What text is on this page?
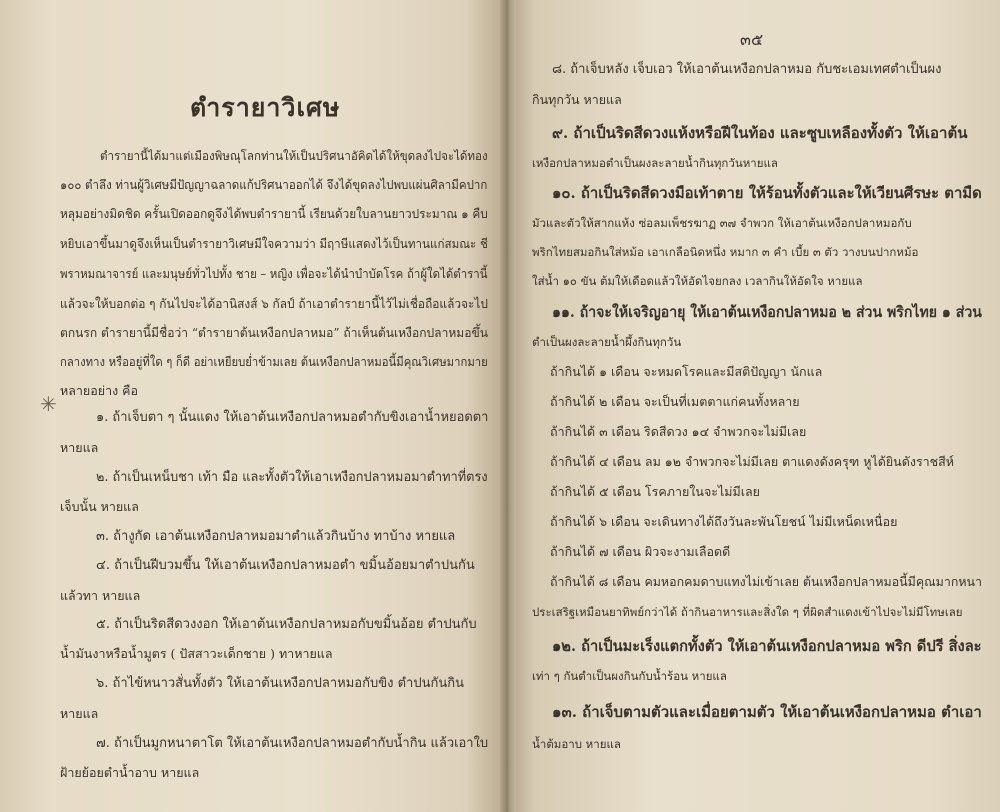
ตำรายาวิเศษ
ตำรายานี้ได้มาแต่เมืองพิษณุโลกท่านให้เป็นปริศนาอัคิดได้ให้ขุดลงไปจะได้ทอง
๑๐๐ ตำลึง ท่านผู้วิเศษมีปัญญาฉลาดแก้ปริศนาออกได้ จึงได้ขุดลงไปพบแผ่นศิลามีคปาก
หลุมอย่างมิดชิด ครั้นเปิดออกดูจึงได้พบตำรายานี้ เรียนด้วยใบลานยาวประมาณ ๑ คืบ
หยิบเอาขึ้นมาดูจึงเห็นเป็นตำรายาวิเศษมีใจความว่า มีฤาษีแสดงไว้เป็นทานแก่สมณะ ชี
พราหมณาจารย์ และมนุษย์ทั่วไปทั้ง ชาย – หญิง เพื่อจะได้นำบำบัดโรค ถ้าผู้ใดได้ตำรานี้
แล้วจะให้บอกต่อ ๆ กันไปจะได้อานิสงส์ ๖ กัลป์ ถ้าเอาตำรายานี้ไว้ไม่เชื่อถือแล้วจะไป
ตกนรก ตำรายานี้มีชื่อว่า “ตำรายาต้นเหงือกปลาหมอ” ถ้าเห็นต้นเหงือกปลาหมอขึ้น
กลางทาง หรืออยู่ที่ใด ๆ ก็ดี อย่าเหยียบย่ำข้ามเลย ต้นเหงือกปลาหมอนี้มีคุณวิเศษมากมาย
หลายอย่าง คือ
✳
๑. ถ้าเจ็บตา ๆ นั้นแดง ให้เอาต้นเหงือกปลาหมอตำกับขิงเอาน้ำหยอดตา
หายแล
๒. ถ้าเป็นเหน็บชา เท้า มือ และทั้งตัวให้เอาเหงือกปลาหมอมาตำทาที่ตรง
เจ็บนั้น หายแล
๓. ถ้างูกัด เอาต้นเหงือกปลาหมอมาตำแล้วกินบ้าง ทาบ้าง หายแล
๔. ถ้าเป็นฝีบวมขึ้น ให้เอาต้นเหงือกปลาหมอตำ ขมิ้นอ้อยมาตำปนกัน
แล้วทา หายแล
๕. ถ้าเป็นริดสีดวงงอก ให้เอาต้นเหงือกปลาหมอกับขมิ้นอ้อย ตำปนกับ
น้ำมันงาหรือน้ำมูตร ( ปัสสาวะเด็กชาย ) ทาหายแล
๖. ถ้าไข้หนาวสั่นทั้งตัว ให้เอาต้นเหงือกปลาหมอกับขิง ตำปนกันกิน
หายแล
๗. ถ้าเป็นมูกหนาตาโต ให้เอาต้นเหงือกปลาหมอตำกับน้ำกิน แล้วเอาใบ
ฝ้ายย้อยตำน้ำอาบ หายแล
๓๕
๘. ถ้าเจ็บหลัง เจ็บเอว ให้เอาต้นเหงือกปลาหมอ กับชะเอมเทศตำเป็นผง
กินทุกวัน หายแล
๙. ถ้าเป็นริดสีดวงแห้งหรือฝีในท้อง และซูบเหลืองทั้งตัว ให้เอาต้น
เหงือกปลาหมอตำเป็นผงละลายน้ำกินทุกวันหายแล
๑๐. ถ้าเป็นริดสีดวงมือเท้าตาย ให้ร้อนทั้งตัวและให้เวียนศีรษะ ตามืด
มัวและตัวให้สากแห้ง ซ่อลมเพ็ชรฆาฏ ๓๗ จำพวก ให้เอาต้นเหงือกปลาหมอกับ
พริกไทยสมอกินใส่หม้อ เอาเกลือนิดหนึ่ง หมาก ๓ คำ เบี้ย ๓ ตัว วางบนปากหม้อ
ใส่น้ำ ๑๐ ขัน ต้มให้เดือดแล้วให้อัดไจยกลง เวลากินให้อัดใจ หายแล
๑๑. ถ้าจะให้เจริญอายุ ให้เอาต้นเหงือกปลาหมอ ๒ ส่วน พริกไทย ๑ ส่วน
ตำเป็นผงละลายน้ำผึ้งกินทุกวัน
ถ้ากินได้ ๑ เดือน จะหมดโรคและมีสติปัญญา นักแล
ถ้ากินได้ ๒ เดือน จะเป็นที่เมตตาแก่คนทั้งหลาย
ถ้ากินได้ ๓ เดือน ริดสีดวง ๑๔ จำพวกจะไม่มีเลย
ถ้ากินได้ ๔ เดือน ลม ๑๒ จำพวกจะไม่มีเลย ตาแดงดังครุฑ หูได้ยินดังราชสีห์
ถ้ากินได้ ๕ เดือน โรคภายในจะไม่มีเลย
ถ้ากินได้ ๖ เดือน จะเดินทางได้ถึงวันละพันโยชน์ ไม่มีเหน็ดเหนื่อย
ถ้ากินได้ ๗ เดือน ผิวจะงามเลือดดี
ถ้ากินได้ ๘ เดือน คมหอกคมดาบแทงไม่เข้าเลย ต้นเหงือกปลาหมอนี้มีคุณมากหนา
ประเสริฐเหมือนยาทิพย์กว่าได้ ถ้ากินอาหารและสิ่งใด ๆ ที่ผิดสำแดงเข้าไปจะไม่มีโทษเลย
๑๒. ถ้าเป็นมะเร็งแตกทั้งตัว ให้เอาต้นเหงือกปลาหมอ พริก ดีปรี สิ่งละ
เท่า ๆ กันตำเป็นผงกินกับน้ำร้อน หายแล
๑๓. ถ้าเจ็บตามตัวและเมื่อยตามตัว ให้เอาต้นเหงือกปลาหมอ ตำเอา
น้ำต้มอาบ หายแล
